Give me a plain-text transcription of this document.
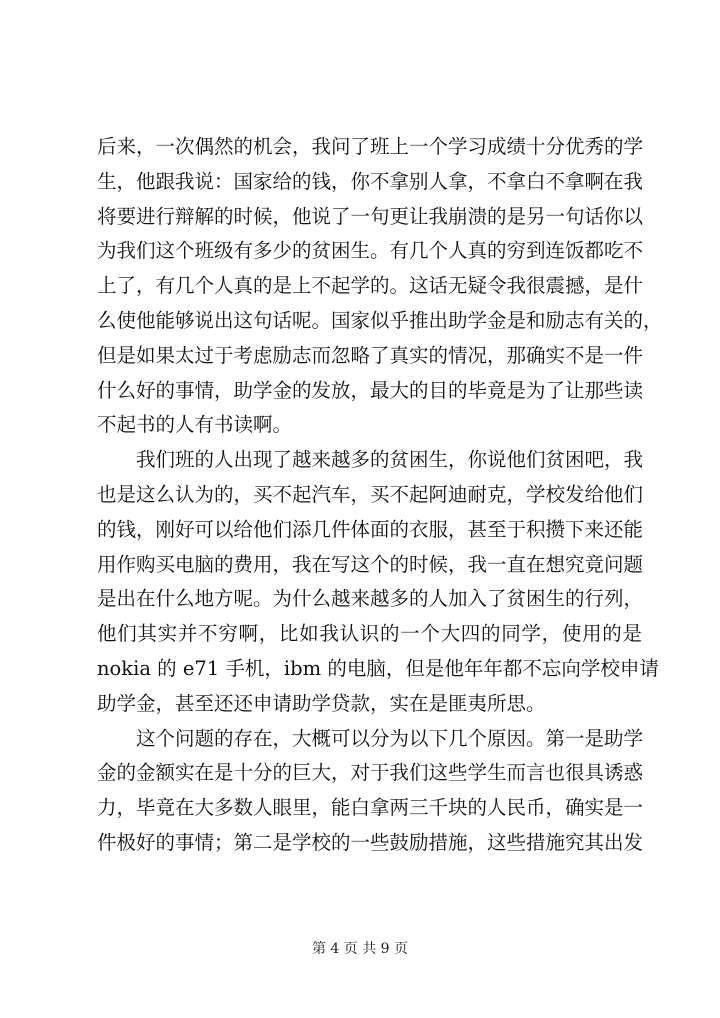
后来，一次偶然的机会，我问了班上一个学习成绩十分优秀的学
生，他跟我说：国家给的钱，你不拿别人拿，不拿白不拿啊在我
将要进行辩解的时候，他说了一句更让我崩溃的是另一句话你以
为我们这个班级有多少的贫困生。有几个人真的穷到连饭都吃不
上了，有几个人真的是上不起学的。这话无疑令我很震撼，是什
么使他能够说出这句话呢。国家似乎推出助学金是和励志有关的，
但是如果太过于考虑励志而忽略了真实的情况，那确实不是一件
什么好的事情，助学金的发放，最大的目的毕竟是为了让那些读
不起书的人有书读啊。
我们班的人出现了越来越多的贫困生，你说他们贫困吧，我
也是这么认为的，买不起汽车，买不起阿迪耐克，学校发给他们
的钱，刚好可以给他们添几件体面的衣服，甚至于积攒下来还能
用作购买电脑的费用，我在写这个的时候，我一直在想究竟问题
是出在什么地方呢。为什么越来越多的人加入了贫困生的行列，
他们其实并不穷啊，比如我认识的一个大四的同学，使用的是
nokia 的 e71 手机，ibm 的电脑，但是他年年都不忘向学校申请
助学金，甚至还还申请助学贷款，实在是匪夷所思。
这个问题的存在，大概可以分为以下几个原因。第一是助学
金的金额实在是十分的巨大，对于我们这些学生而言也很具诱惑
力，毕竟在大多数人眼里，能白拿两三千块的人民币，确实是一
件极好的事情；第二是学校的一些鼓励措施，这些措施究其出发
第 4 页 共 9 页
